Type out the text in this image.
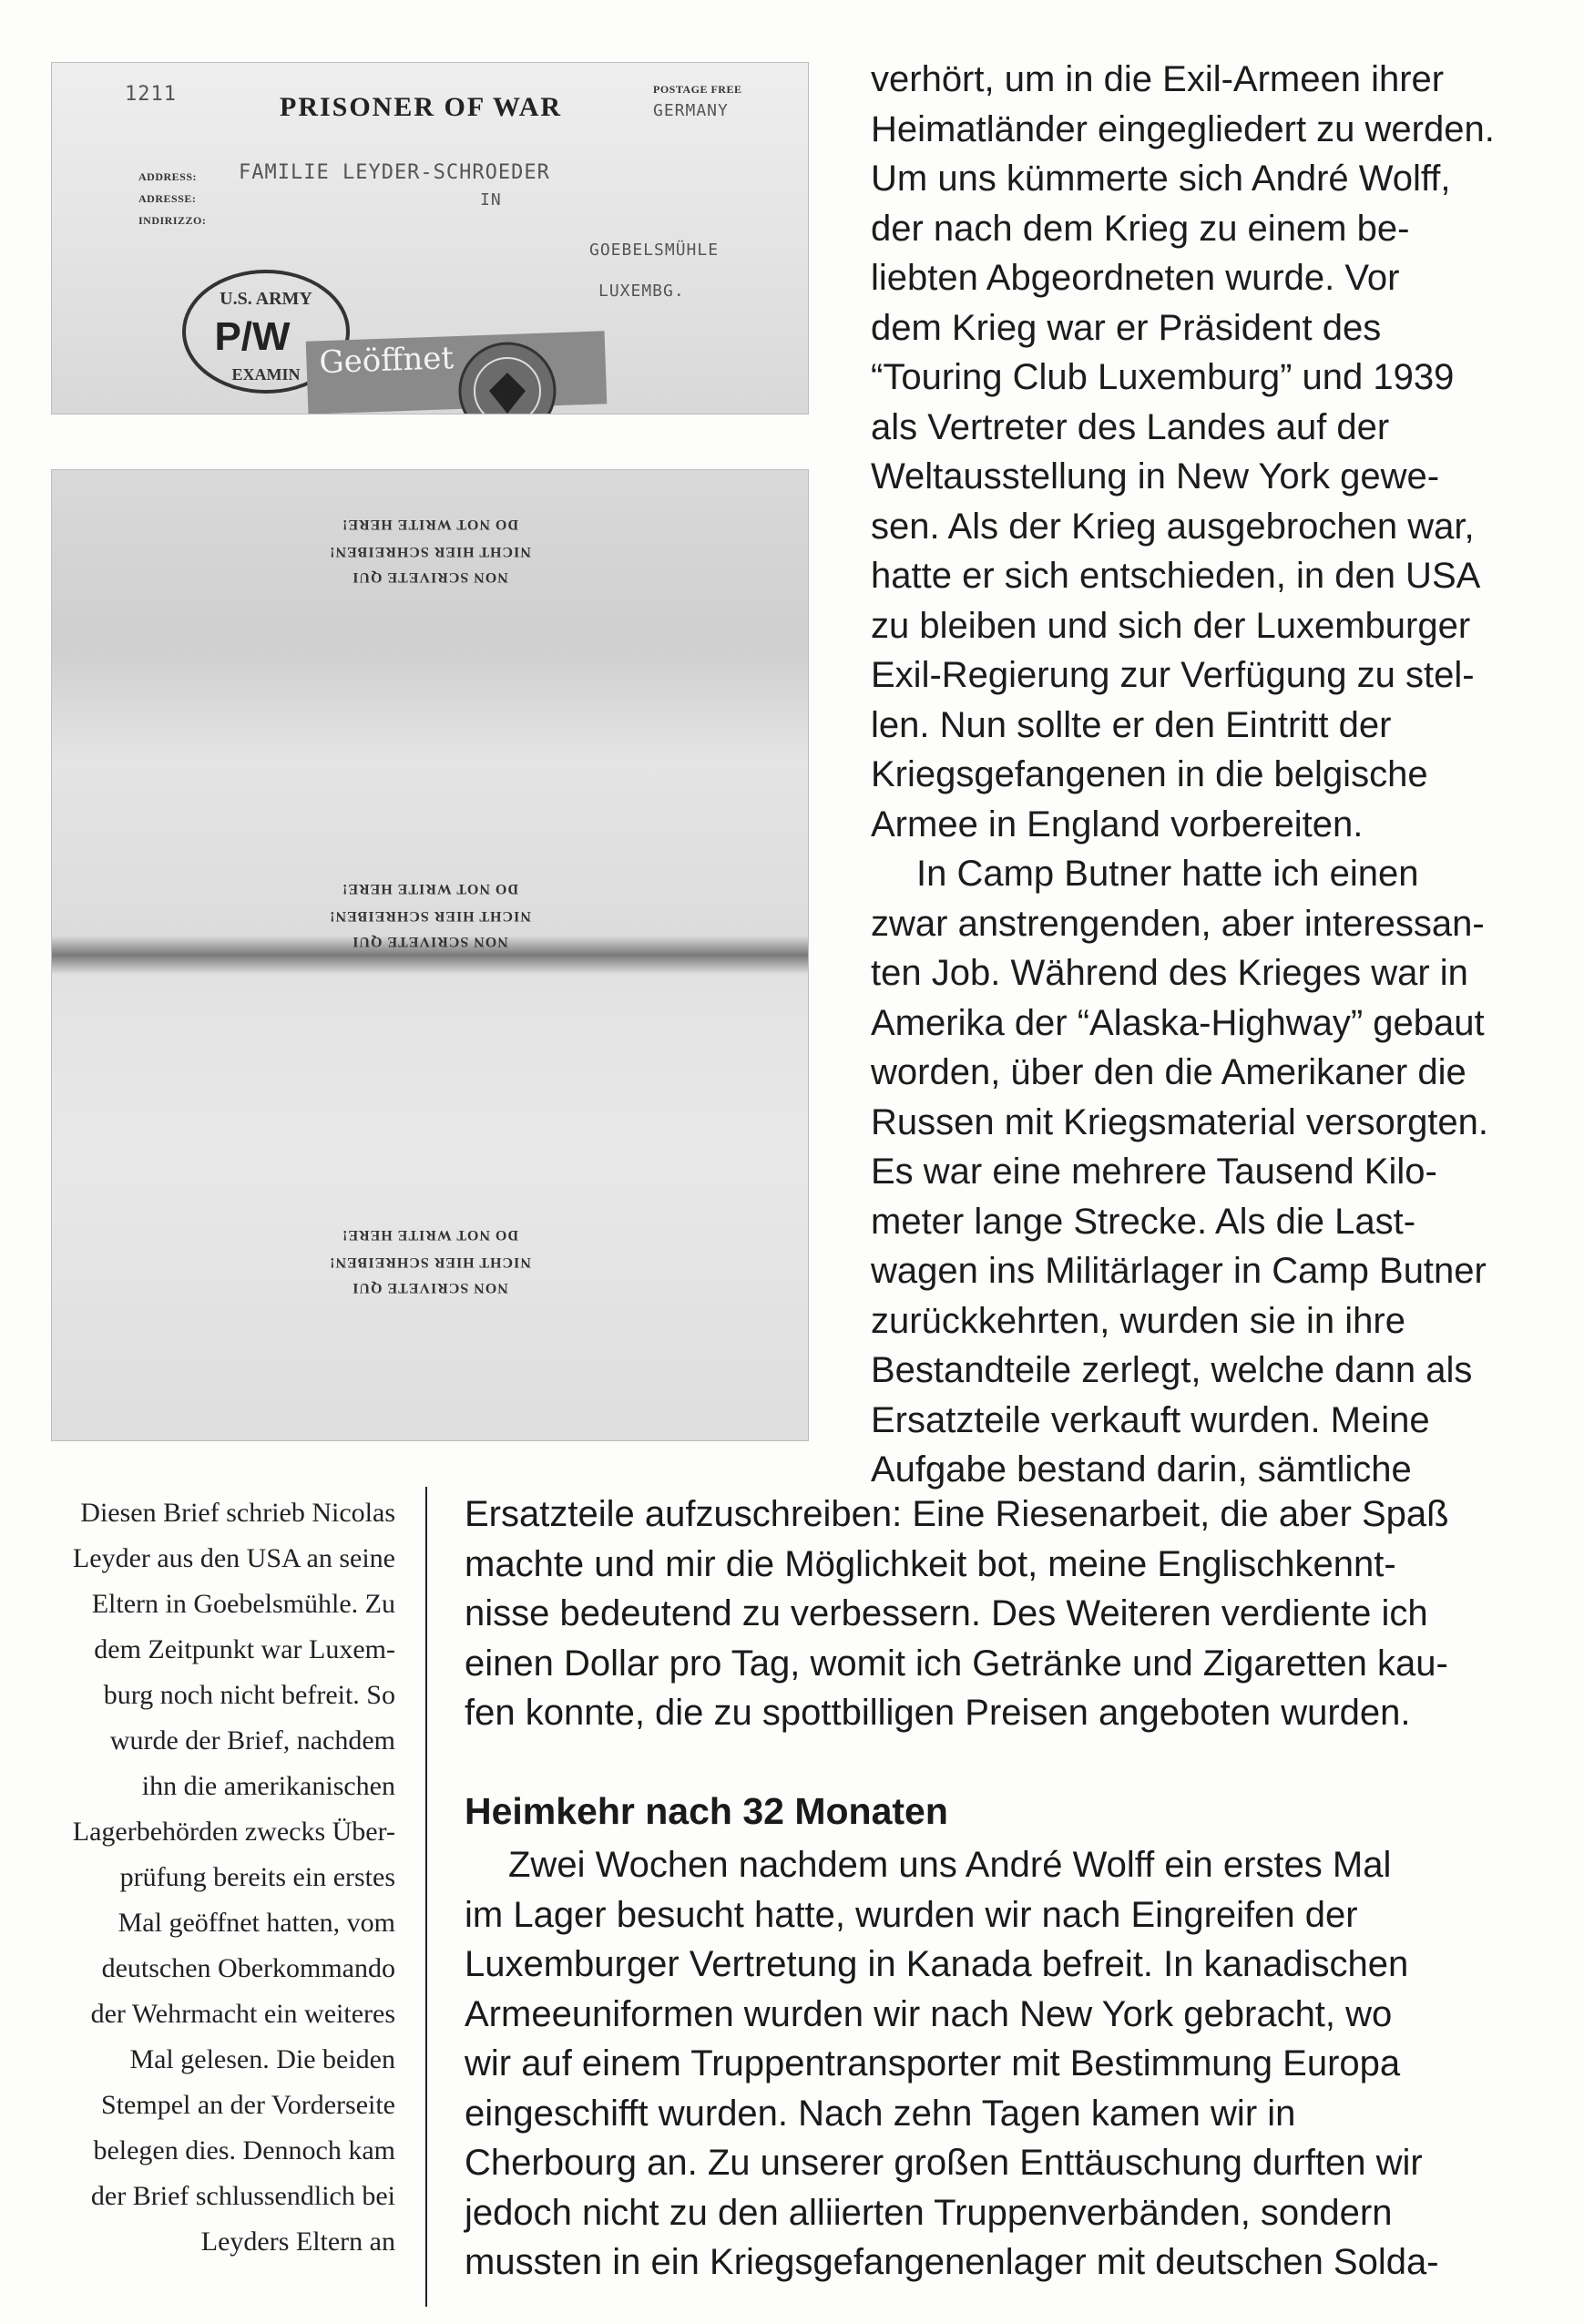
1211	PRISONER OF WAR
POSTAGE FREE
GERMANY
ADDRESS:
ADRESSE:
INDIRIZZO:
FAMILIE LEYDER-SCHROEDER
IN
GOEBELSMÜHLE
LUXEMBG.
U.S. ARMY
P/W
EXAMIN Geöffnet
DO NOT WRITE HERE!
NICHT HIER SCHREIBEN!
NON SCRIVETE QUI
DO NOT WRITE HERE!
NICHT HIER SCHREIBEN!
NON SCRIVETE QUI
DO NOT WRITE HERE!
NICHT HIER SCHREIBEN!
NON SCRIVETE QUI

verhört, um in die Exil-Armeen ihrer
Heimatländer eingegliedert zu werden.
Um uns kümmerte sich André Wolff,
der nach dem Krieg zu einem be-
liebten Abgeordneten wurde. Vor
dem Krieg war er Präsident des
“Touring Club Luxemburg” und 1939
als Vertreter des Landes auf der
Weltausstellung in New York gewe-
sen. Als der Krieg ausgebrochen war,
hatte er sich entschieden, in den USA
zu bleiben und sich der Luxemburger
Exil-Regierung zur Verfügung zu stel-
len. Nun sollte er den Eintritt der
Kriegsgefangenen in die belgische
Armee in England vorbereiten.

In Camp Butner hatte ich einen
zwar anstrengenden, aber interessan-
ten Job. Während des Krieges war in
Amerika der “Alaska-Highway” gebaut
worden, über den die Amerikaner die
Russen mit Kriegsmaterial versorgten.
Es war eine mehrere Tausend Kilo-
meter lange Strecke. Als die Last-
wagen ins Militärlager in Camp Butner
zurückkehrten, wurden sie in ihre
Bestandteile zerlegt, welche dann als
Ersatzteile verkauft wurden. Meine
Aufgabe bestand darin, sämtliche

Diesen Brief schrieb Nicolas
Leyder aus den USA an seine
Eltern in Goebelsmühle. Zu
dem Zeitpunkt war Luxem-
burg noch nicht befreit. So
wurde der Brief, nachdem
ihn die amerikanischen
Lagerbehörden zwecks Über-
prüfung bereits ein erstes
Mal geöffnet hatten, vom
deutschen Oberkommando
der Wehrmacht ein weiteres
Mal gelesen. Die beiden
Stempel an der Vorderseite
belegen dies. Dennoch kam
der Brief schlussendlich bei
Leyders Eltern an
Ersatzteile aufzuschreiben: Eine Riesenarbeit, die aber Spaß
machte und mir die Möglichkeit bot, meine Englischkennt-
nisse bedeutend zu verbessern. Des Weiteren verdiente ich
einen Dollar pro Tag, womit ich Getränke und Zigaretten kau-
fen konnte, die zu spottbilligen Preisen angeboten wurden.
Heimkehr nach 32 Monaten
Zwei Wochen nachdem uns André Wolff ein erstes Mal
im Lager besucht hatte, wurden wir nach Eingreifen der
Luxemburger Vertretung in Kanada befreit. In kanadischen
Armeeuniformen wurden wir nach New York gebracht, wo
wir auf einem Truppentransporter mit Bestimmung Europa
eingeschifft wurden. Nach zehn Tagen kamen wir in
Cherbourg an. Zu unserer großen Enttäuschung durften wir
jedoch nicht zu den alliierten Truppenverbänden, sondern
mussten in ein Kriegsgefangenenlager mit deutschen Solda-
